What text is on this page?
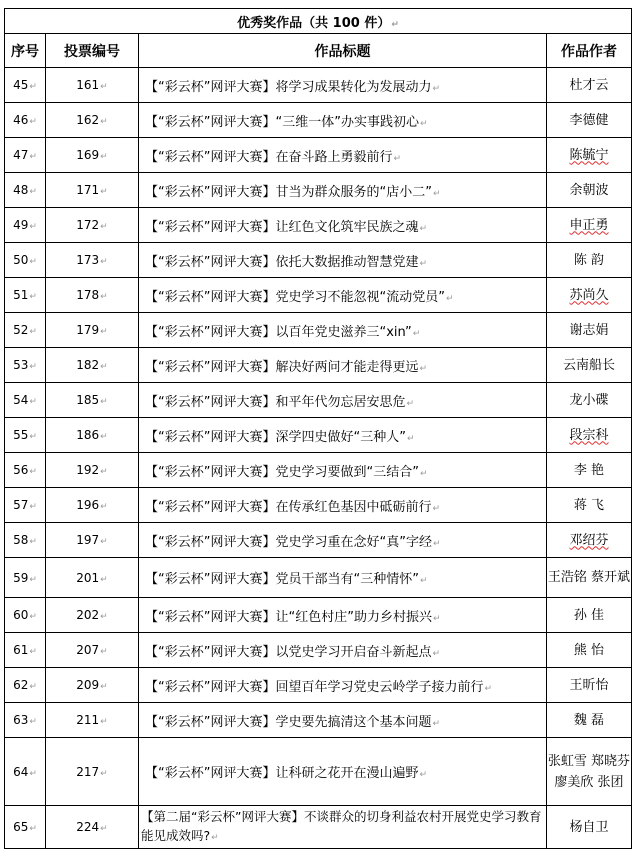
优秀奖作品（共 100 件）↵			
序号	投票编号	作品标题	作品作者
45↵	161↵	【“彩云杯”网评大赛】将学习成果转化为发展动力↵	杜才云
46↵	162↵	【“彩云杯”网评大赛】“三维一体”办实事践初心↵	李德健
47↵	169↵	【“彩云杯”网评大赛】在奋斗路上勇毅前行↵	陈毓宁
48↵	171↵	【“彩云杯”网评大赛】甘当为群众服务的“店小二”↵	余朝波
49↵	172↵	【“彩云杯”网评大赛】让红色文化筑牢民族之魂↵	申正勇
50↵	173↵	【“彩云杯”网评大赛】依托大数据推动智慧党建↵	陈 韵
51↵	178↵	【“彩云杯”网评大赛】党史学习不能忽视“流动党员”↵	苏尚久
52↵	179↵	【“彩云杯”网评大赛】以百年党史滋养三“xin”↵	谢志娟
53↵	182↵	【“彩云杯”网评大赛】解决好两问才能走得更远↵	云南船长
54↵	185↵	【“彩云杯”网评大赛】和平年代勿忘居安思危↵	龙小碟
55↵	186↵	【“彩云杯”网评大赛】深学四史做好“三种人”↵	段宗科
56↵	192↵	【“彩云杯”网评大赛】党史学习要做到“三结合”↵	李 艳
57↵	196↵	【“彩云杯”网评大赛】在传承红色基因中砥砺前行↵	蒋 飞
58↵	197↵	【“彩云杯”网评大赛】党史学习重在念好“真”字经↵	邓绍芬
59↵	201↵	【“彩云杯”网评大赛】党员干部当有“三种情怀”↵	王浩铭 蔡开斌
60↵	202↵	【“彩云杯”网评大赛】让“红色村庄”助力乡村振兴↵	孙 佳
61↵	207↵	【“彩云杯”网评大赛】以党史学习开启奋斗新起点↵	熊 怡
62↵	209↵	【“彩云杯”网评大赛】回望百年学习党史云岭学子接力前行↵	王昕怡
63↵	211↵	【“彩云杯”网评大赛】学史要先搞清这个基本问题↵	魏 磊
64↵	217↵	【“彩云杯”网评大赛】让科研之花开在漫山遍野↵	张虹雪 郑晓芬 廖美欣 张团
65↵	224↵	【第二届“彩云杯”网评大赛】不谈群众的切身利益农村开展党史学习教育能见成效吗?↵	杨自卫
